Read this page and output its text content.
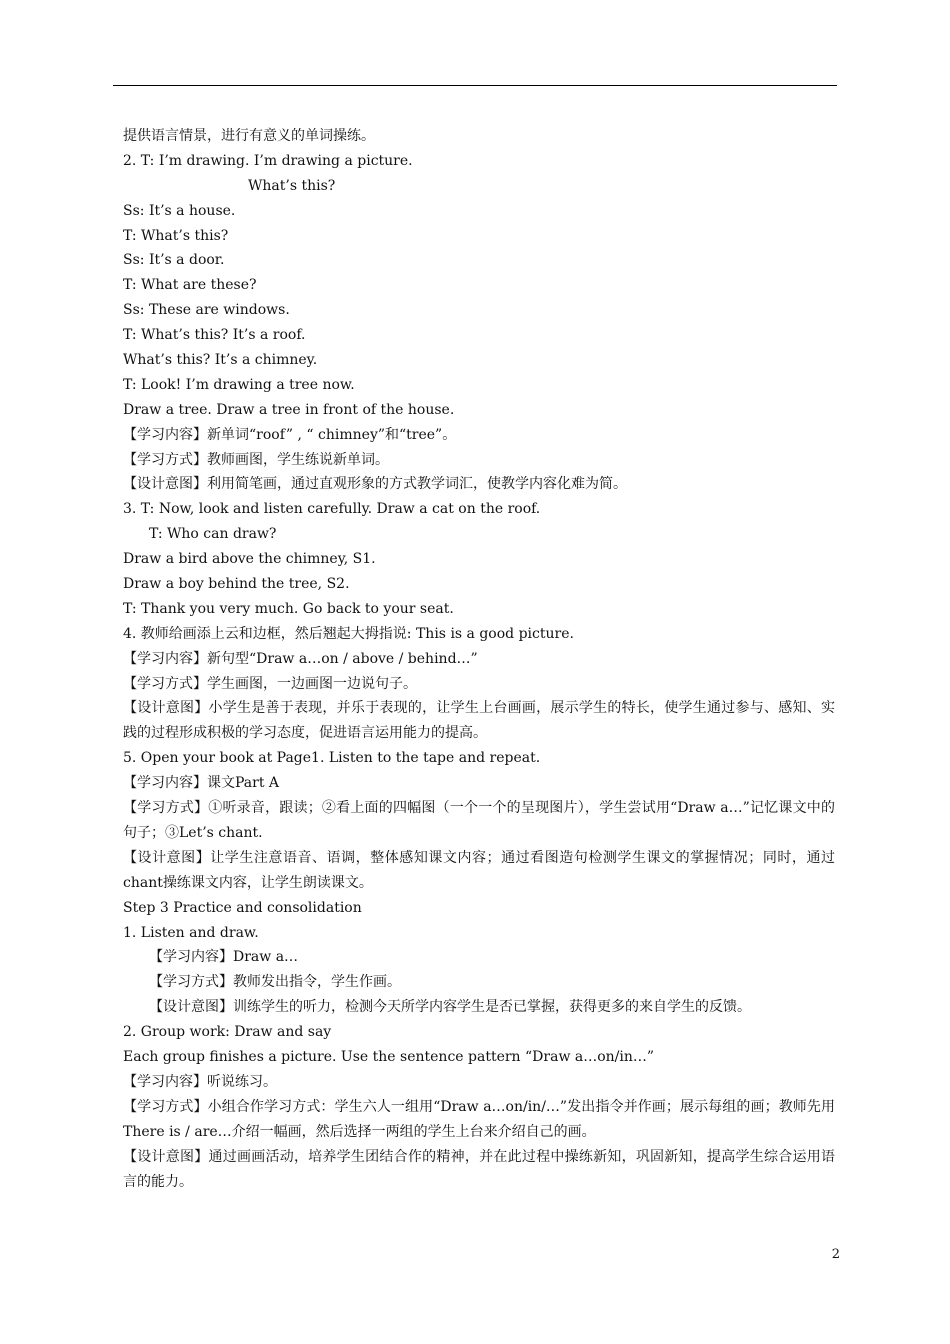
提供语言情景，进行有意义的单词操练。

2. T: I’m drawing. I’m drawing a picture.

What’s this?

Ss: It’s a house.

T: What’s this?

Ss: It’s a door.

T: What are these?

Ss: These are windows.

T: What’s this? It’s a roof.

What’s this? It’s a chimney.

T: Look! I’m drawing a tree now.

Draw a tree. Draw a tree in front of the house.

【学习内容】新单词“roof” , “ chimney”和“tree”。

【学习方式】教师画图，学生练说新单词。

【设计意图】利用简笔画，通过直观形象的方式教学词汇，使教学内容化难为简。

3. T: Now, look and listen carefully. Draw a cat on the roof.

T: Who can draw?

Draw a bird above the chimney, S1.

Draw a boy behind the tree, S2.

T: Thank you very much. Go back to your seat.

4. 教师给画添上云和边框，然后翘起大拇指说: This is a good picture.

【学习内容】新句型“Draw a…on / above / behind…”

【学习方式】学生画图，一边画图一边说句子。

【设计意图】小学生是善于表现，并乐于表现的，让学生上台画画，展示学生的特长，使学生通过参与、感知、实践的过程形成积极的学习态度，促进语言运用能力的提高。

5. Open your book at Page1. Listen to the tape and repeat.

【学习内容】课文Part A

【学习方式】①听录音，跟读；②看上面的四幅图（一个一个的呈现图片），学生尝试用“Draw a…”记忆课文中的句子；③Let’s chant.

【设计意图】让学生注意语音、语调，整体感知课文内容；通过看图造句检测学生课文的掌握情况；同时，通过chant操练课文内容，让学生朗读课文。

Step 3 Practice and consolidation

1. Listen and draw.

【学习内容】Draw a…

【学习方式】教师发出指令，学生作画。

【设计意图】训练学生的听力，检测今天所学内容学生是否已掌握，获得更多的来自学生的反馈。

2. Group work: Draw and say

Each group finishes a picture. Use the sentence pattern “Draw a…on/in…”

【学习内容】听说练习。

【学习方式】小组合作学习方式：学生六人一组用“Draw a…on/in/…”发出指令并作画；展示每组的画；教师先用There is / are…介绍一幅画，然后选择一两组的学生上台来介绍自己的画。

【设计意图】通过画画活动，培养学生团结合作的精神，并在此过程中操练新知，巩固新知，提高学生综合运用语言的能力。

2
